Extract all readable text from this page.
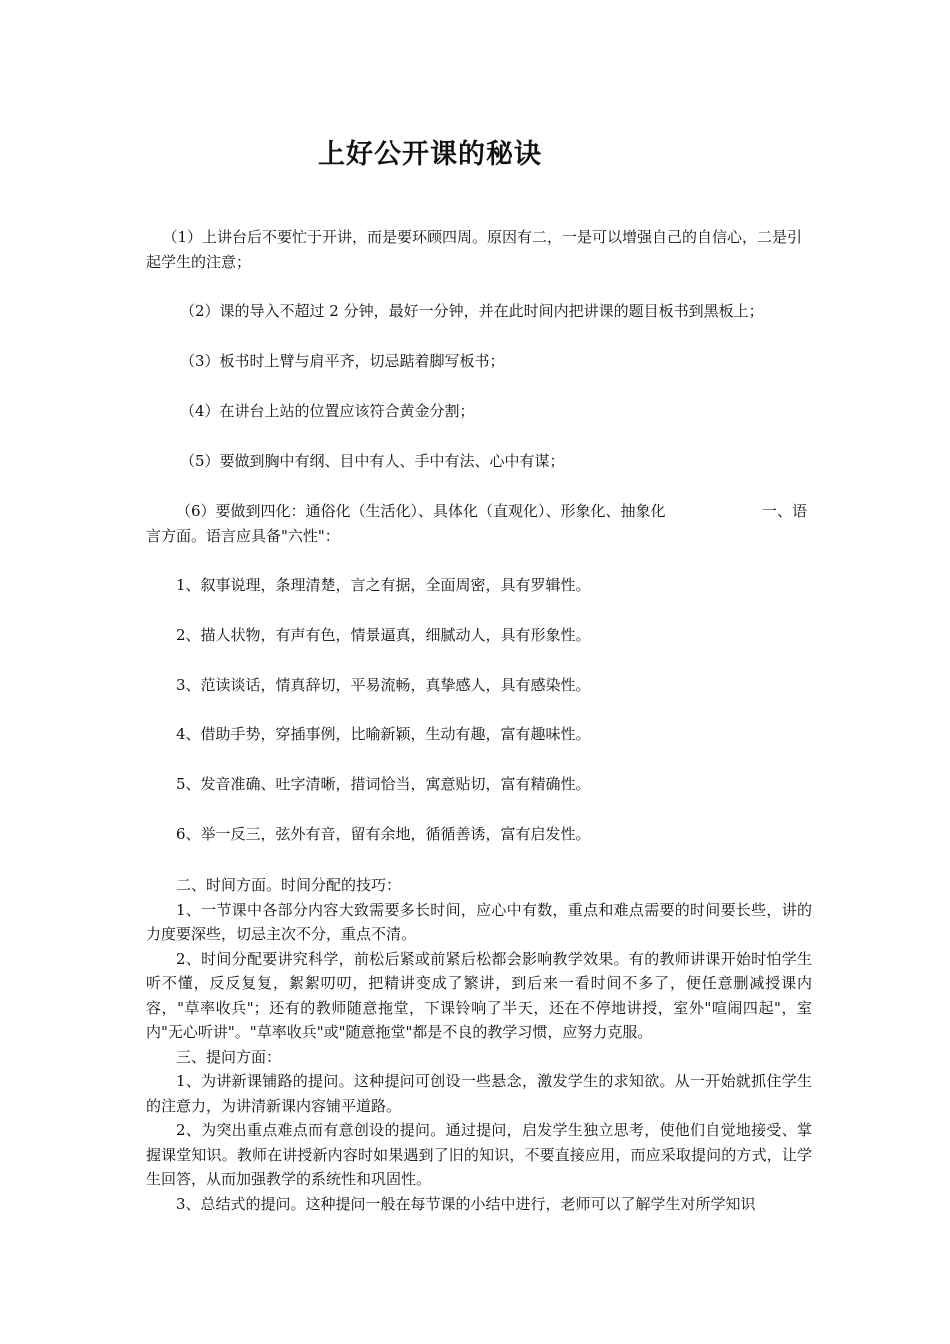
上好公开课的秘诀
（1）上讲台后不要忙于开讲，而是要环顾四周。原因有二，一是可以增强自己的自信心，二是引起学生的注意；
（2）课的导入不超过 2 分钟，最好一分钟，并在此时间内把讲课的题目板书到黑板上；
（3）板书时上臂与肩平齐，切忌踮着脚写板书；
（4）在讲台上站的位置应该符合黄金分割；
（5）要做到胸中有纲、目中有人、手中有法、心中有谋；
（6）要做到四化：通俗化（生活化）、具体化（直观化）、形象化、抽象化	一、语
言方面。语言应具备"六性"：
1、叙事说理，条理清楚，言之有据，全面周密，具有罗辑性。
2、描人状物，有声有色，情景逼真，细腻动人，具有形象性。
3、范读谈话，情真辞切，平易流畅，真挚感人，具有感染性。
4、借助手势，穿插事例，比喻新颖，生动有趣，富有趣味性。
5、发音准确、吐字清晰，措词恰当，寓意贴切，富有精确性。
6、举一反三，弦外有音，留有余地，循循善诱，富有启发性。

二、时间方面。时间分配的技巧：

1、一节课中各部分内容大致需要多长时间，应心中有数，重点和难点需要的时间要长些，讲的力度要深些，切忌主次不分，重点不清。

2、时间分配要讲究科学，前松后紧或前紧后松都会影响教学效果。有的教师讲课开始时怕学生听不懂，反反复复，絮絮叨叨，把精讲变成了繁讲，到后来一看时间不多了，便任意删减授课内容，"草率收兵"；还有的教师随意拖堂，下课铃响了半天，还在不停地讲授，室外"喧闹四起"，室内"无心听讲"。"草率收兵"或"随意拖堂"都是不良的教学习惯，应努力克服。

三、提问方面：

1、为讲新课铺路的提问。这种提问可创设一些悬念，激发学生的求知欲。从一开始就抓住学生的注意力，为讲清新课内容铺平道路。

2、为突出重点难点而有意创设的提问。通过提问，启发学生独立思考，使他们自觉地接受、掌握课堂知识。教师在讲授新内容时如果遇到了旧的知识，不要直接应用，而应采取提问的方式，让学生回答，从而加强教学的系统性和巩固性。

3、总结式的提问。这种提问一般在每节课的小结中进行，老师可以了解学生对所学知识
